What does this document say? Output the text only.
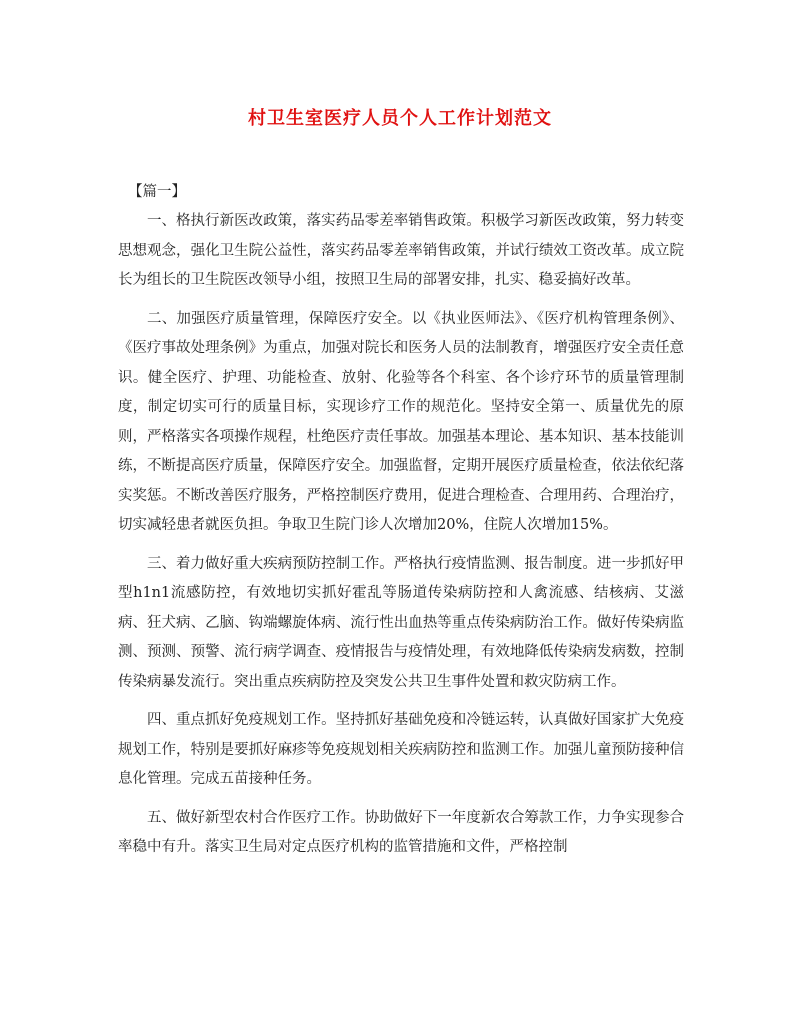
村卫生室医疗人员个人工作计划范文

【篇一】

一、格执行新医改政策，落实药品零差率销售政策。积极学习新医改政策，努力转变思想观念，强化卫生院公益性，落实药品零差率销售政策，并试行绩效工资改革。成立院长为组长的卫生院医改领导小组，按照卫生局的部署安排，扎实、稳妥搞好改革。

二、加强医疗质量管理，保障医疗安全。以《执业医师法》、《医疗机构管理条例》、《医疗事故处理条例》为重点，加强对院长和医务人员的法制教育，增强医疗安全责任意识。健全医疗、护理、功能检查、放射、化验等各个科室、各个诊疗环节的质量管理制度，制定切实可行的质量目标，实现诊疗工作的规范化。坚持安全第一、质量优先的原则，严格落实各项操作规程，杜绝医疗责任事故。加强基本理论、基本知识、基本技能训练，不断提高医疗质量，保障医疗安全。加强监督，定期开展医疗质量检查，依法依纪落实奖惩。不断改善医疗服务，严格控制医疗费用，促进合理检查、合理用药、合理治疗，切实减轻患者就医负担。争取卫生院门诊人次增加20%，住院人次增加15%。

三、着力做好重大疾病预防控制工作。严格执行疫情监测、报告制度。进一步抓好甲型h1n1流感防控，有效地切实抓好霍乱等肠道传染病防控和人禽流感、结核病、艾滋病、狂犬病、乙脑、钩端螺旋体病、流行性出血热等重点传染病防治工作。做好传染病监测、预测、预警、流行病学调查、疫情报告与疫情处理，有效地降低传染病发病数，控制传染病暴发流行。突出重点疾病防控及突发公共卫生事件处置和救灾防病工作。

四、重点抓好免疫规划工作。坚持抓好基础免疫和冷链运转，认真做好国家扩大免疫规划工作，特别是要抓好麻疹等免疫规划相关疾病防控和监测工作。加强儿童预防接种信息化管理。完成五苗接种任务。

五、做好新型农村合作医疗工作。协助做好下一年度新农合筹款工作，力争实现参合率稳中有升。落实卫生局对定点医疗机构的监管措施和文件，严格控制
